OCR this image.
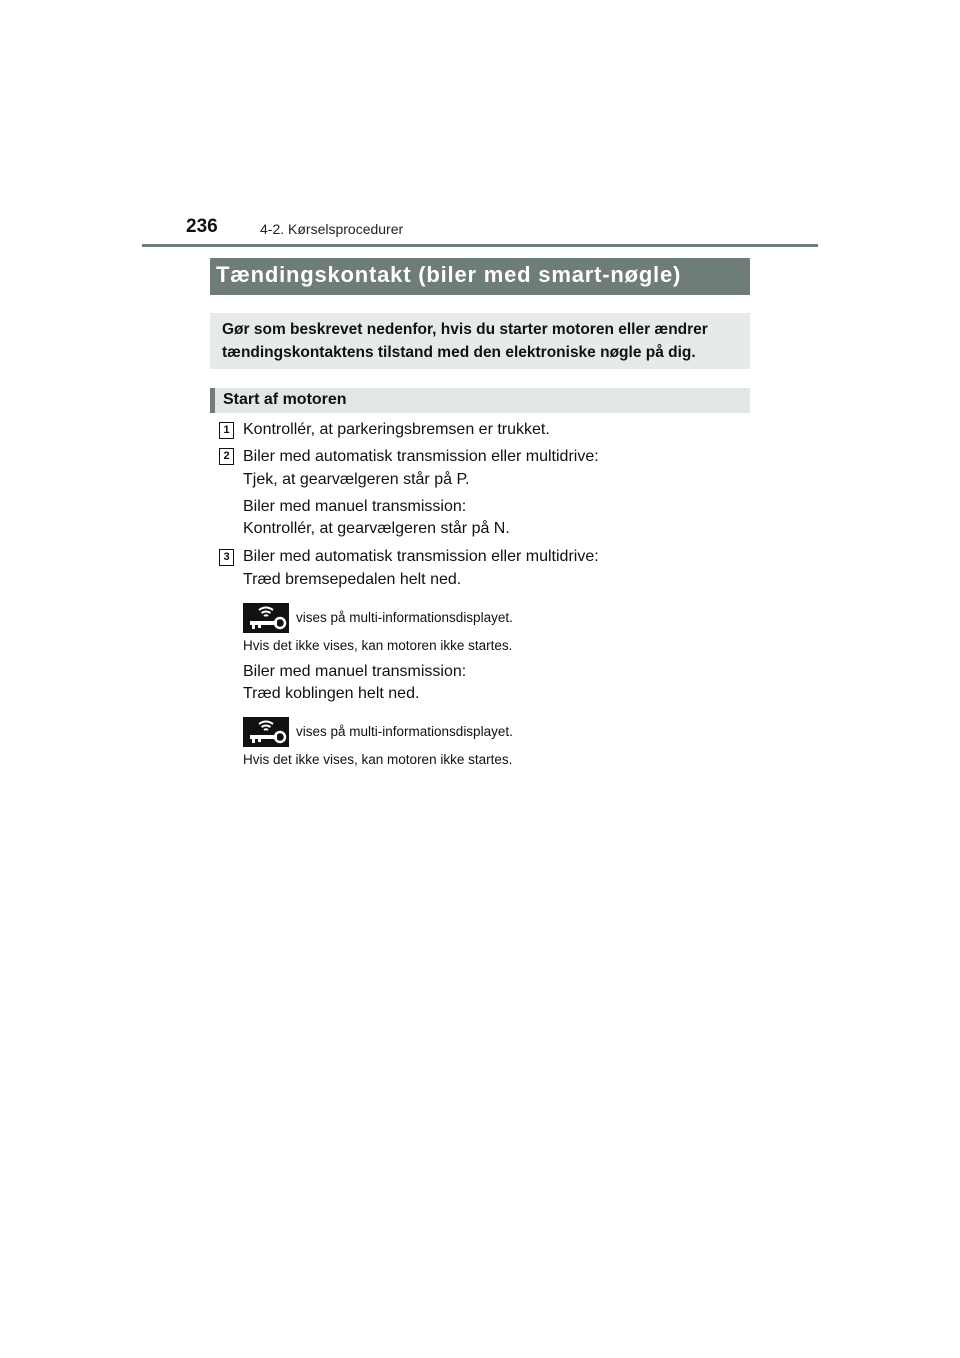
236	4-2. Kørselsprocedurer
Tændingskontakt (biler med smart-nøgle)
Gør som beskrevet nedenfor, hvis du starter motoren eller ændrer tændingskontaktens tilstand med den elektroniske nøgle på dig.
Start af motoren
1 Kontrollér, at parkeringsbremsen er trukket.
2 Biler med automatisk transmission eller multidrive:
Tjek, at gearvælgeren står på P.
Biler med manuel transmission:
Kontrollér, at gearvælgeren står på N.
3 Biler med automatisk transmission eller multidrive:
Træd bremsepedalen helt ned.
vises på multi-informationsdisplayet.
Hvis det ikke vises, kan motoren ikke startes.
Biler med manuel transmission:
Træd koblingen helt ned.
vises på multi-informationsdisplayet.
Hvis det ikke vises, kan motoren ikke startes.
